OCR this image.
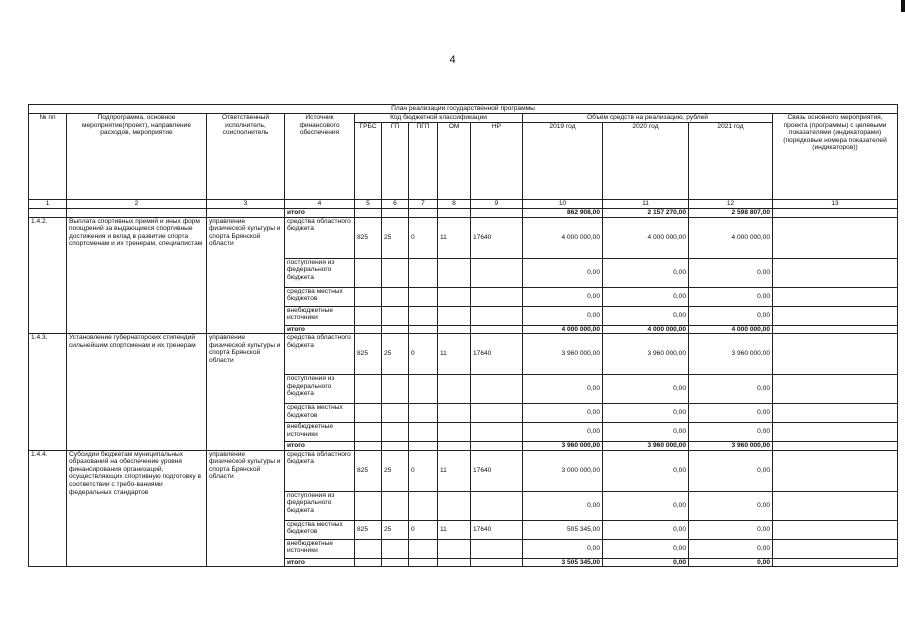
4
План реализации государственной программы												
№ пп	Подпрограмма, основное мероприятие(проект), направление расходов, мероприятие	Ответственный исполнитель, соисполнитель	Источник финансового обеспечения	Код бюджетной классификации					Объём средств на реализацию, рублей			Связь основного мероприятия, проекта (программы) с целевыми показателями (индикаторами) (порядковые номера показателей (индикаторов))
				ГРБС	ГП	ПГП	ОМ	НР	2019 год	2020 год	2021 год	
1	2	3	4	5	6	7	8	9	10	11	12	13
			итого						862 908,00	2 157 270,00	2 598 807,00	
1.4.2.	Выплата спортивных премий и иных форм поощрений за выдающиеся спортивные достижения и вклад в развитие спорта спортсменам и их тренерам, специалистам	управление физической культуры и спорта Брянской области	средства областного бюджета	825	25	0	11	17640	4 000 000,00	4 000 000,00	4 000 000,00	
			поступления из федерального бюджета						0,00	0,00	0,00	
			средства местных бюджетов						0,00	0,00	0,00	
			внебюджетные источники						0,00	0,00	0,00	
			итого						4 000 000,00	4 000 000,00	4 000 000,00	
1.4.3.	Установление губернаторских стипендий сильнейшим спортсменам и их тренерам	управление физической культуры и спорта Брянской области	средства областного бюджета	825	25	0	11	17640	3 960 000,00	3 960 000,00	3 960 000,00	
			поступления из федерального бюджета						0,00	0,00	0,00	
			средства местных бюджетов						0,00	0,00	0,00	
			внебюджетные источники						0,00	0,00	0,00	
			итого						3 960 000,00	3 960 000,00	3 960 000,00	
1.4.4.	Субсидии бюджетам муниципальных образований на обеспечение уровня финансирования организаций, осуществляющих спортивную подготовку в соответствии с требо-ваниями федеральных стандартов	управление физической культуры и спорта Брянской области	средства областного бюджета	825	25	0	11	17640	3 000 000,00	0,00	0,00	
			поступления из федерального бюджета						0,00	0,00	0,00	
			средства местных бюджетов	825	25	0	11	17640	505 345,00	0,00	0,00	
			внебюджетные источники						0,00	0,00	0,00	
			итого						3 505 345,00	0,00	0,00	
